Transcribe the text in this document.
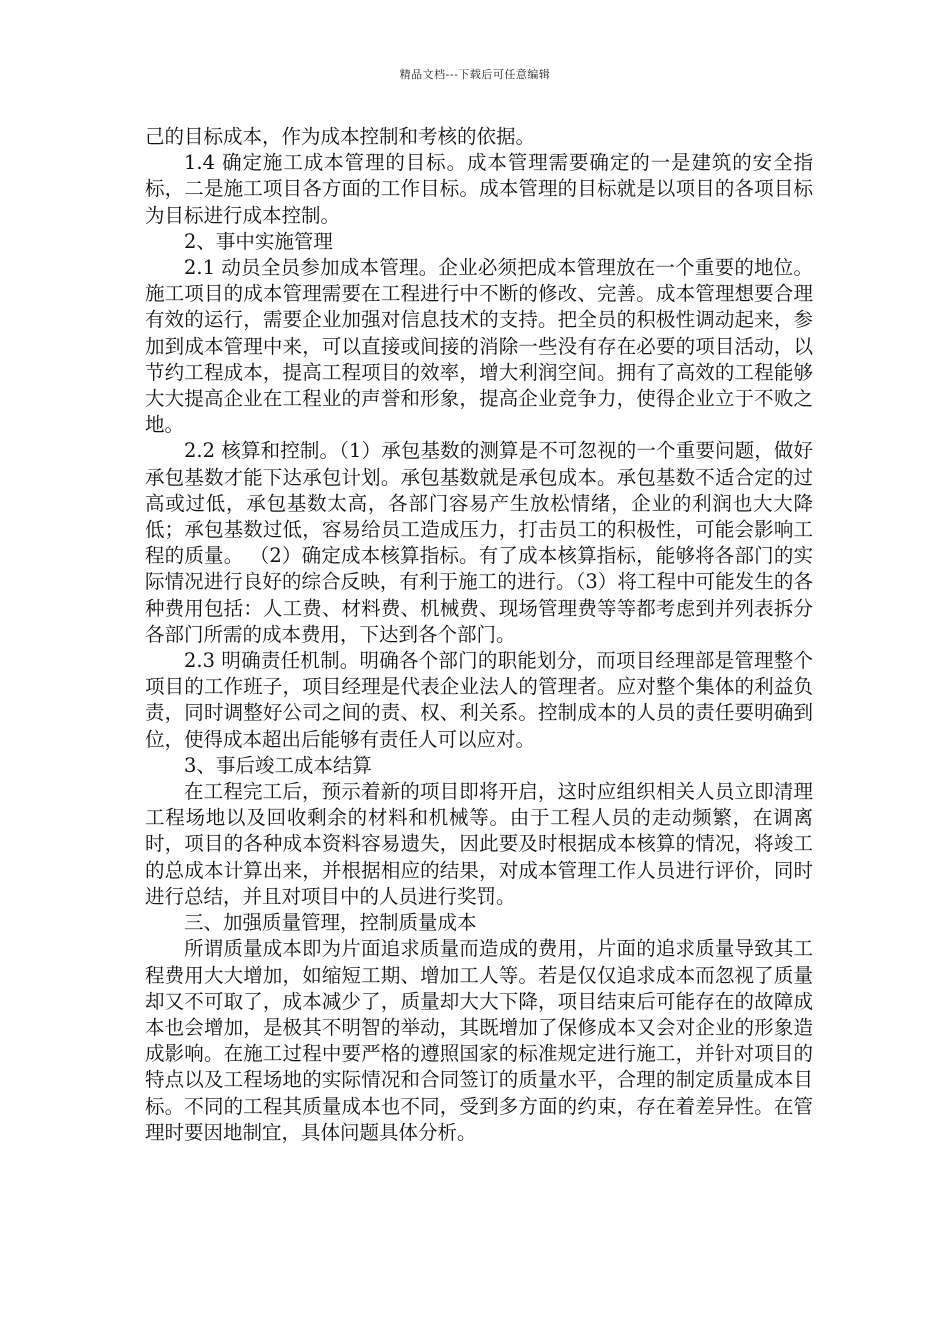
精品文档---下载后可任意编辑

己的目标成本，作为成本控制和考核的依据。

1.4 确定施工成本管理的目标。成本管理需要确定的一是建筑的安全指标，二是施工项目各方面的工作目标。成本管理的目标就是以项目的各项目标为目标进行成本控制。

2、事中实施管理

2.1 动员全员参加成本管理。企业必须把成本管理放在一个重要的地位。施工项目的成本管理需要在工程进行中不断的修改、完善。成本管理想要合理有效的运行，需要企业加强对信息技术的支持。把全员的积极性调动起来，参加到成本管理中来，可以直接或间接的消除一些没有存在必要的项目活动，以节约工程成本，提高工程项目的效率，增大利润空间。拥有了高效的工程能够大大提高企业在工程业的声誉和形象，提高企业竞争力，使得企业立于不败之地。

2.2 核算和控制。（1）承包基数的测算是不可忽视的一个重要问题，做好承包基数才能下达承包计划。承包基数就是承包成本。承包基数不适合定的过高或过低，承包基数太高，各部门容易产生放松情绪，企业的利润也大大降低；承包基数过低，容易给员工造成压力，打击员工的积极性，可能会影响工程的质量。 （2）确定成本核算指标。有了成本核算指标，能够将各部门的实际情况进行良好的综合反映，有利于施工的进行。（3）将工程中可能发生的各种费用包括：人工费、材料费、机械费、现场管理费等等都考虑到并列表拆分各部门所需的成本费用，下达到各个部门。

2.3 明确责任机制。明确各个部门的职能划分，而项目经理部是管理整个项目的工作班子，项目经理是代表企业法人的管理者。应对整个集体的利益负责，同时调整好公司之间的责、权、利关系。控制成本的人员的责任要明确到位，使得成本超出后能够有责任人可以应对。

3、事后竣工成本结算

在工程完工后，预示着新的项目即将开启，这时应组织相关人员立即清理工程场地以及回收剩余的材料和机械等。由于工程人员的走动频繁，在调离时，项目的各种成本资料容易遗失，因此要及时根据成本核算的情况，将竣工的总成本计算出来，并根据相应的结果，对成本管理工作人员进行评价，同时进行总结，并且对项目中的人员进行奖罚。

三、加强质量管理，控制质量成本

所谓质量成本即为片面追求质量而造成的费用，片面的追求质量导致其工程费用大大增加，如缩短工期、增加工人等。若是仅仅追求成本而忽视了质量却又不可取了，成本减少了，质量却大大下降，项目结束后可能存在的故障成本也会增加，是极其不明智的举动，其既增加了保修成本又会对企业的形象造成影响。在施工过程中要严格的遵照国家的标准规定进行施工，并针对项目的特点以及工程场地的实际情况和合同签订的质量水平，合理的制定质量成本目标。不同的工程其质量成本也不同，受到多方面的约束，存在着差异性。在管理时要因地制宜，具体问题具体分析。
